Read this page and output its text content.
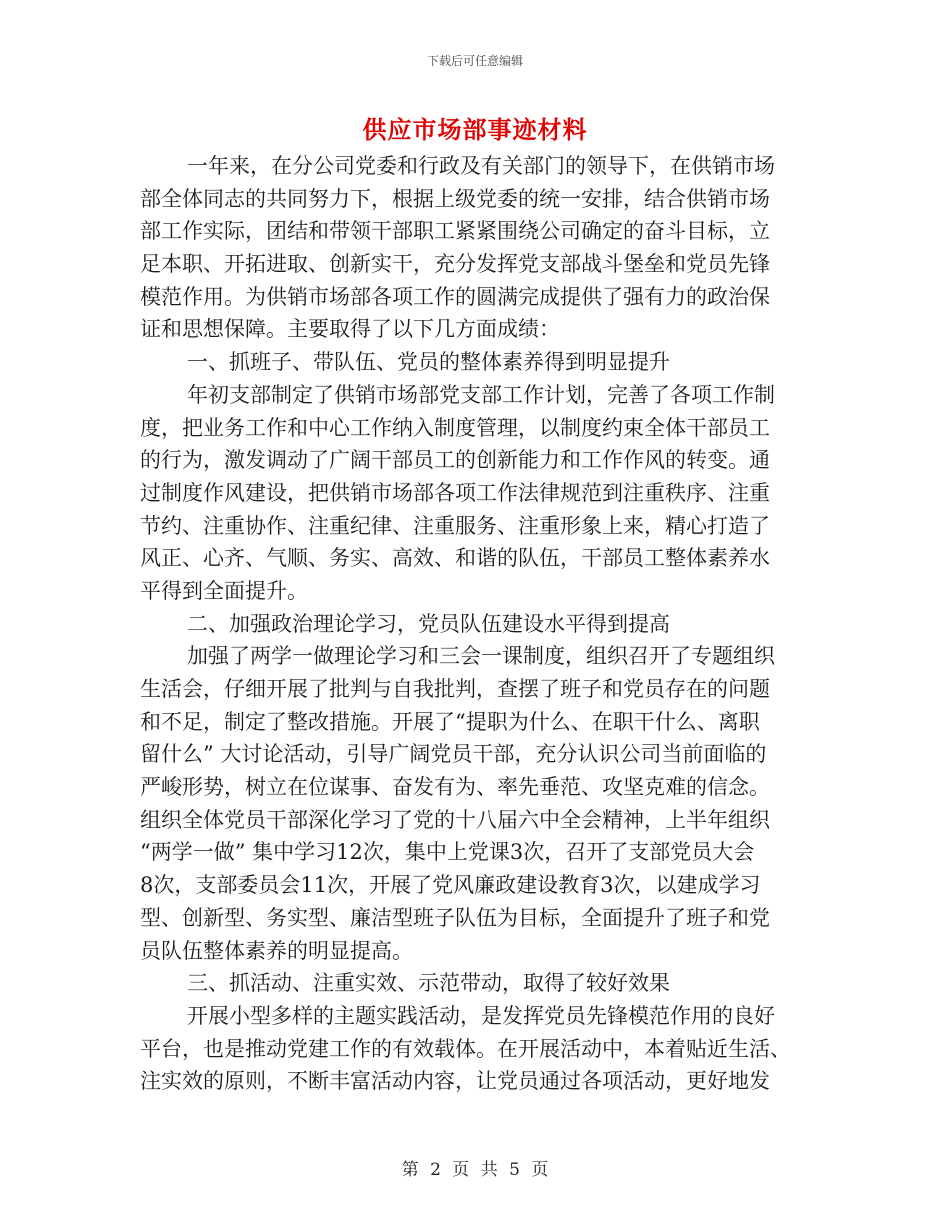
下载后可任意编辑
供应市场部事迹材料
一年来，在分公司党委和行政及有关部门的领导下，在供销市场
部全体同志的共同努力下，根据上级党委的统一安排，结合供销市场
部工作实际，团结和带领干部职工紧紧围绕公司确定的奋斗目标，立
足本职、开拓进取、创新实干，充分发挥党支部战斗堡垒和党员先锋
模范作用。为供销市场部各项工作的圆满完成提供了强有力的政治保
证和思想保障。主要取得了以下几方面成绩：
一、抓班子、带队伍、党员的整体素养得到明显提升
年初支部制定了供销市场部党支部工作计划，完善了各项工作制
度，把业务工作和中心工作纳入制度管理，以制度约束全体干部员工
的行为，激发调动了广阔干部员工的创新能力和工作作风的转变。通
过制度作风建设，把供销市场部各项工作法律规范到注重秩序、注重
节约、注重协作、注重纪律、注重服务、注重形象上来，精心打造了
风正、心齐、气顺、务实、高效、和谐的队伍，干部员工整体素养水
平得到全面提升。
二、加强政治理论学习，党员队伍建设水平得到提高
加强了两学一做理论学习和三会一课制度，组织召开了专题组织
生活会，仔细开展了批判与自我批判，查摆了班子和党员存在的问题
和不足，制定了整改措施。开展了“提职为什么、在职干什么、离职
留什么” 大讨论活动，引导广阔党员干部，充分认识公司当前面临的
严峻形势，树立在位谋事、奋发有为、率先垂范、攻坚克难的信念。
组织全体党员干部深化学习了党的十八届六中全会精神，上半年组织
“两学一做” 集中学习12次，集中上党课3次，召开了支部党员大会
8次，支部委员会11次，开展了党风廉政建设教育3次，以建成学习
型、创新型、务实型、廉洁型班子队伍为目标，全面提升了班子和党
员队伍整体素养的明显提高。
三、抓活动、注重实效、示范带动，取得了较好效果
开展小型多样的主题实践活动，是发挥党员先锋模范作用的良好
平台，也是推动党建工作的有效载体。在开展活动中，本着贴近生活、
注实效的原则，不断丰富活动内容，让党员通过各项活动，更好地发
第 2 页 共 5 页
